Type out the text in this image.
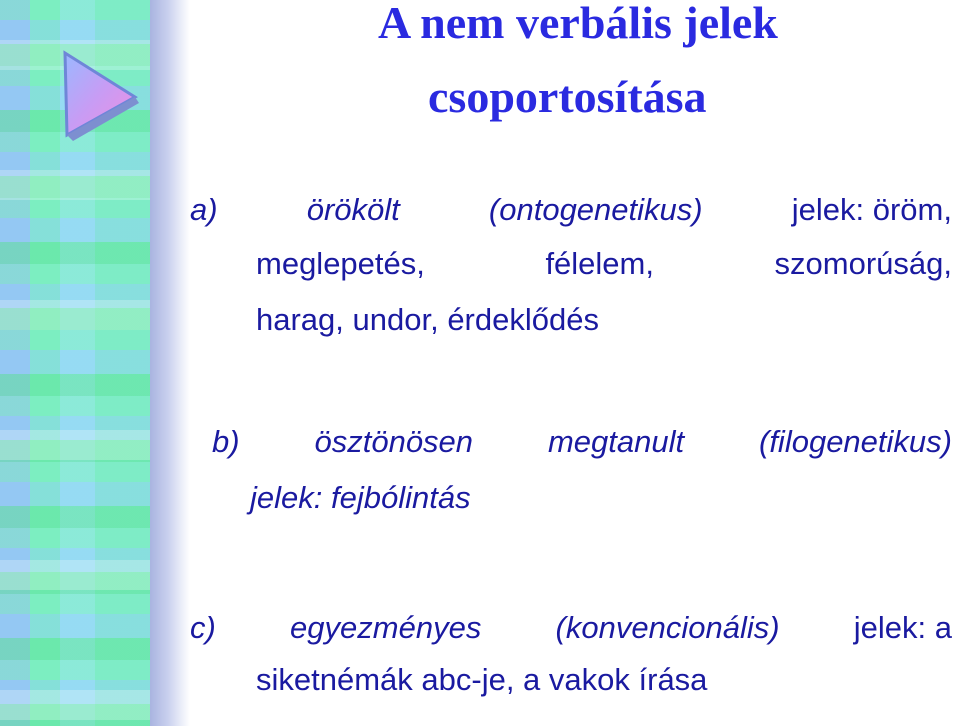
A nem verbális jelek
csoportosítása
a)	örökölt	(ontogenetikus)	jelek: öröm,
meglepetés,	félelem,	szomorúság,
harag, undor, érdeklődés
b) ösztönösen megtanult (filogenetikus)
jelek: fejbólintás
c) egyezményes (konvencionális) jelek: a
siketnémák abc-je, a vakok írása
